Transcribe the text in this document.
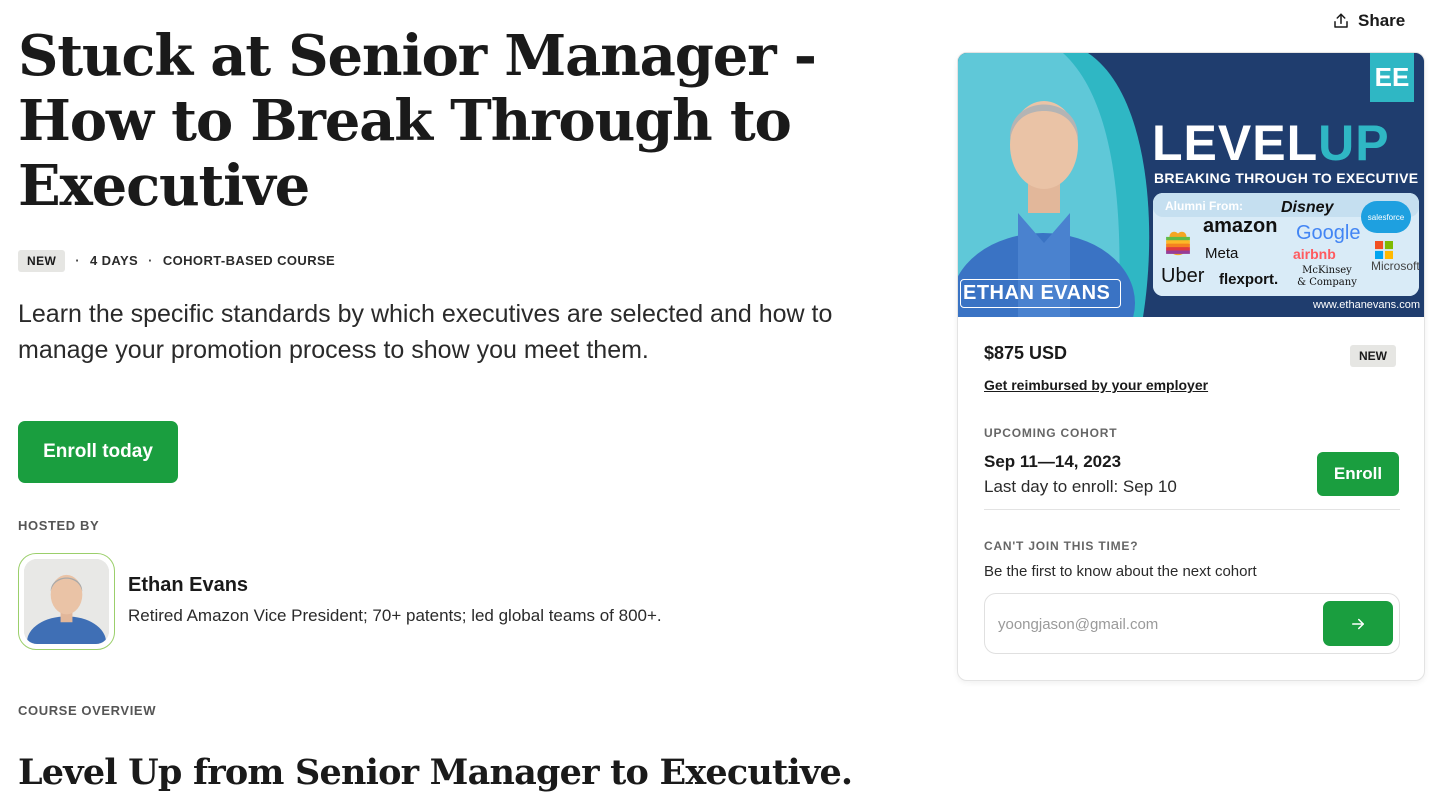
Share
Stuck at Senior Manager - How to Break Through to Executive
NEW	· 4 DAYS · COHORT-BASED COURSE

Learn the specific standards by which executives are selected and how to manage your promotion process to show you meet them.

Enroll today
HOSTED BY
Ethan Evans
Retired Amazon Vice President; 70+ patents; led global teams of 800+.
COURSE OVERVIEW
Level Up from Senior Manager to Executive.
EE
LEVELUP
BREAKING THROUGH TO EXECUTIVE
Alumni From:
amazon
Disney
salesforce
Google
Meta	airbnb
Microsoft
Uber flexport.
McKinsey & Company
ETHAN EVANS
www.ethanevans.com
$875 USD	NEW
Get reimbursed by your employer
UPCOMING COHORT
Sep 11—14, 2023
Last day to enroll: Sep 10
Enroll
CAN'T JOIN THIS TIME?
Be the first to know about the next cohort
yoongjason@gmail.com
